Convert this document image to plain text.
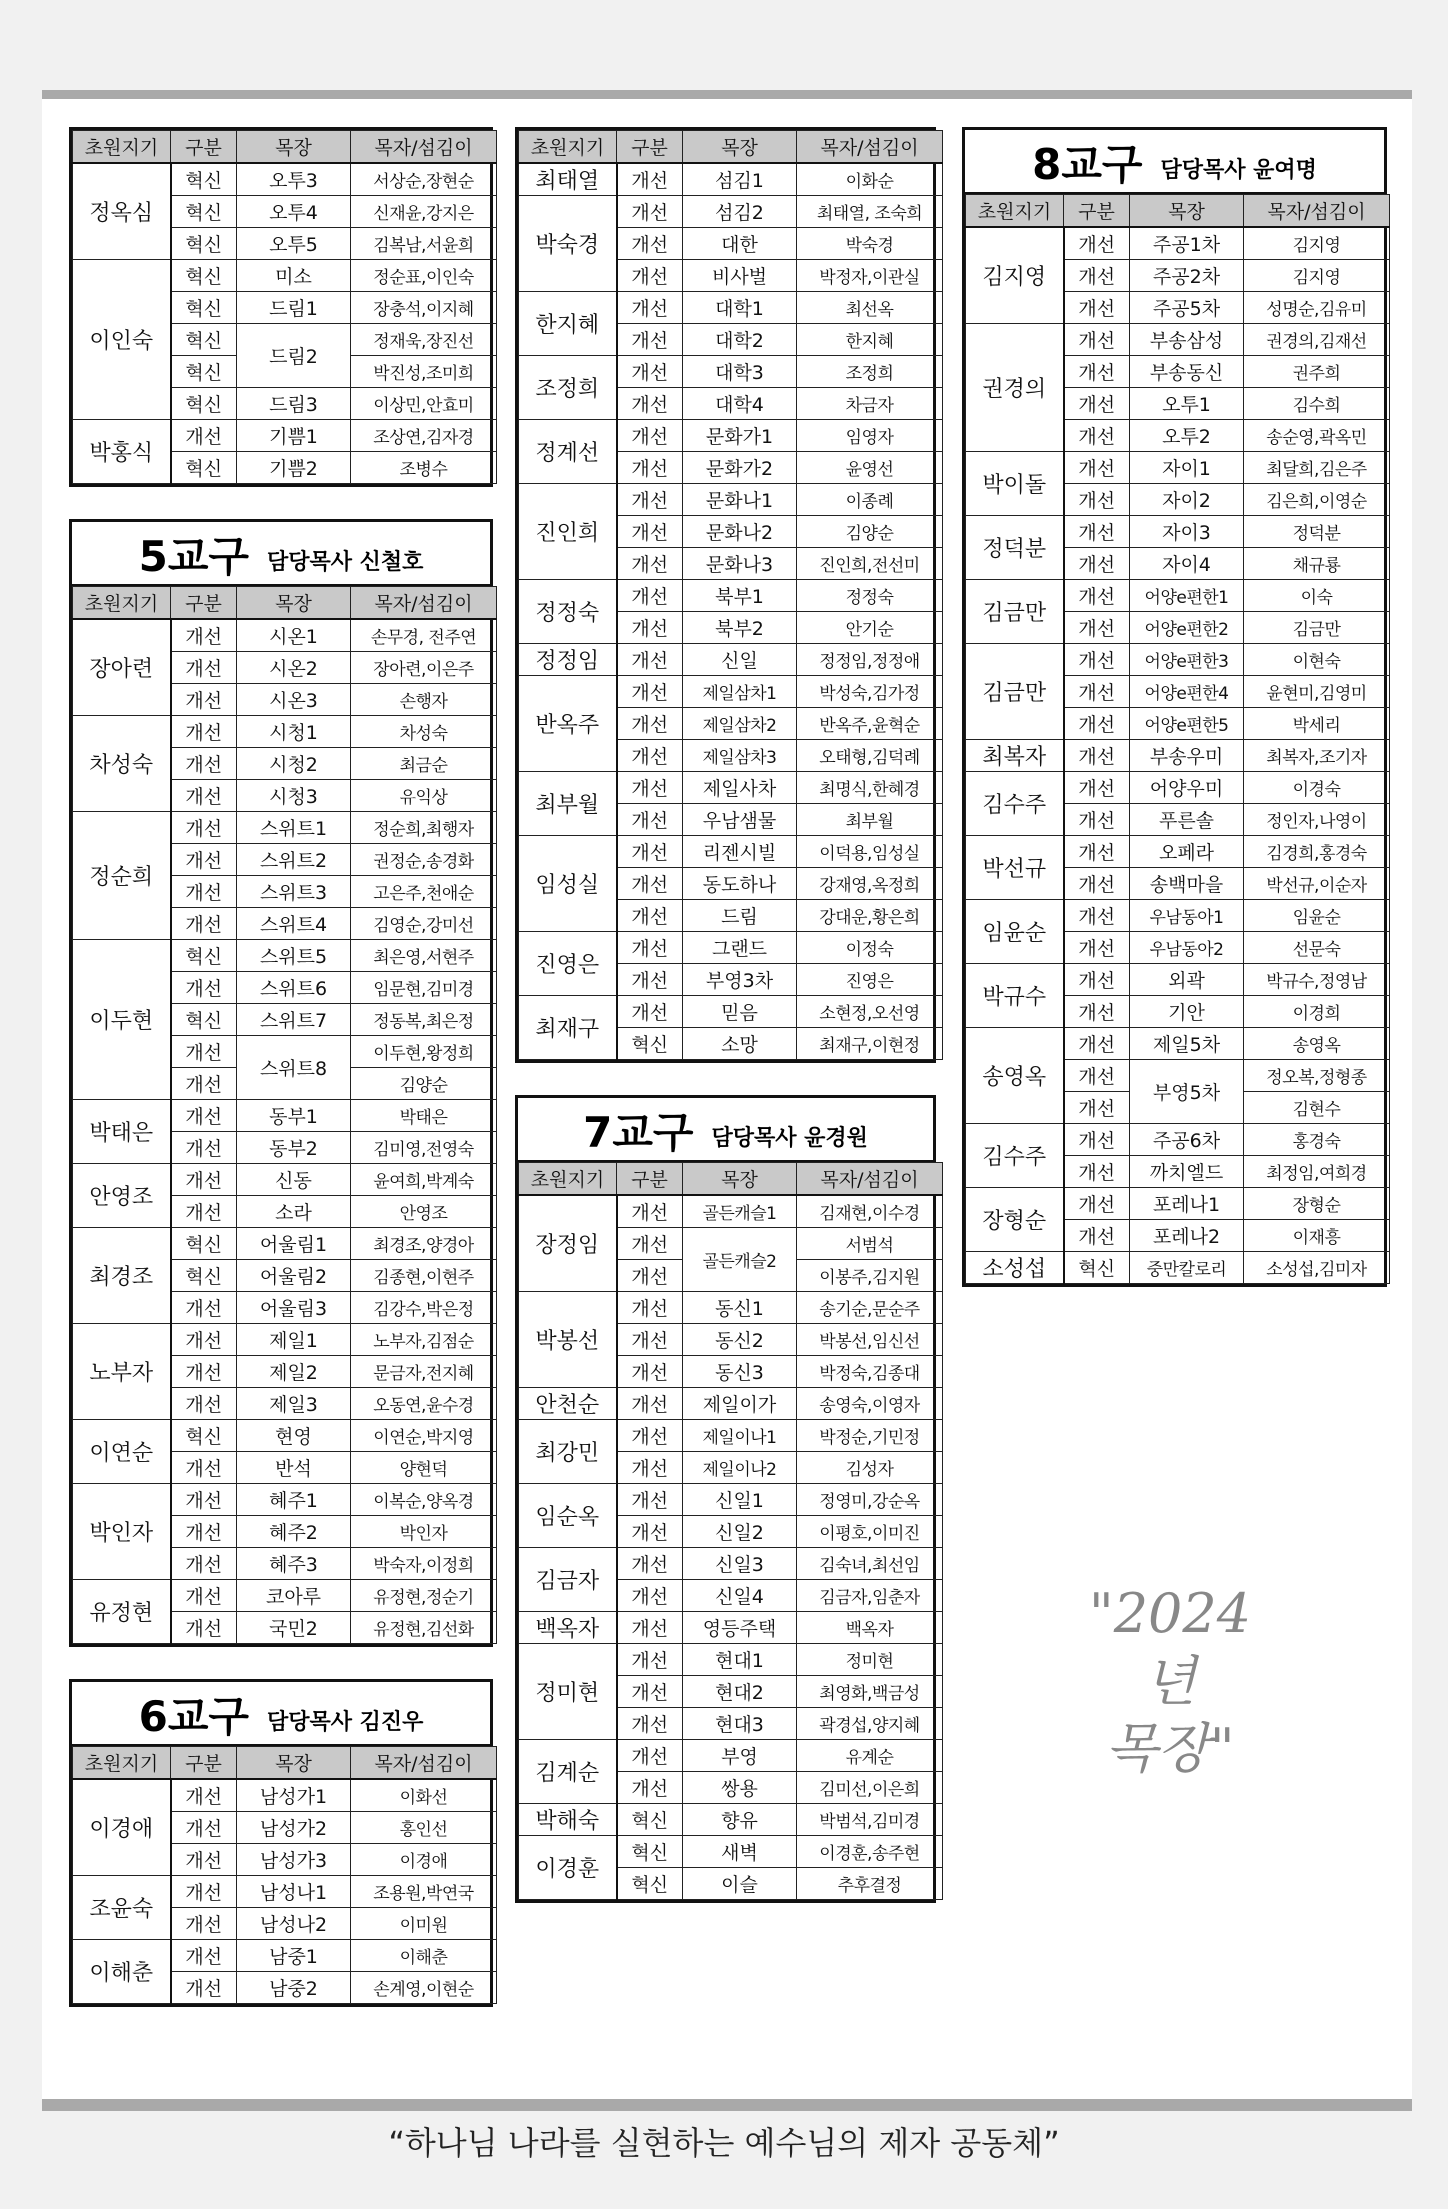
초원지기	구분	목장	목자/섬김이
정옥심	혁신	오투3	서상순,장현순
	혁신	오투4	신재윤,강지은
	혁신	오투5	김복남,서윤희
이인숙	혁신	미소	정순표,이인숙
	혁신	드림1	장충석,이지혜
	혁신	드림2	정재욱,장진선
	혁신		박진성,조미희
	혁신	드림3	이상민,안효미
박홍식	개선	기쁨1	조상연,김자경
	혁신	기쁨2	조병수
5교구 담당목사 신철호
초원지기	구분	목장	목자/섬김이
장아련	개선	시온1	손무경, 전주연
	개선	시온2	장아련,이은주
	개선	시온3	손행자
차성숙	개선	시청1	차성숙
	개선	시청2	최금순
	개선	시청3	유익상
정순희	개선	스위트1	정순희,최행자
	개선	스위트2	권정순,송경화
	개선	스위트3	고은주,천애순
	개선	스위트4	김영순,강미선
이두현	혁신	스위트5	최은영,서현주
	개선	스위트6	임문현,김미경
	혁신	스위트7	정동복,최은정
	개선	스위트8	이두현,왕정희
	개선		김양순
박태은	개선	동부1	박태은
	개선	동부2	김미영,전영숙
안영조	개선	신동	윤여희,박계숙
	개선	소라	안영조
최경조	혁신	어울림1	최경조,양경아
	혁신	어울림2	김종현,이현주
	개선	어울림3	김강수,박은정
노부자	개선	제일1	노부자,김점순
	개선	제일2	문금자,전지혜
	개선	제일3	오동연,윤수경
이연순	혁신	현영	이연순,박지영
	개선	반석	양현덕
박인자	개선	혜주1	이복순,양옥경
	개선	혜주2	박인자
	개선	혜주3	박숙자,이정희
유정현	개선	코아루	유정현,정순기
	개선	국민2	유정현,김선화
6교구 담당목사 김진우
초원지기	구분	목장	목자/섬김이
이경애	개선	남성가1	이화선
	개선	남성가2	홍인선
	개선	남성가3	이경애
조윤숙	개선	남성나1	조용원,박연국
	개선	남성나2	이미원
이해춘	개선	남중1	이해춘
	개선	남중2	손계영,이현순
초원지기	구분	목장	목자/섬김이
최태열	개선	섬김1	이화순
박숙경	개선	섬김2	최태열, 조숙희
	개선	대한	박숙경
	개선	비사벌	박정자,이관실
한지혜	개선	대학1	최선옥
	개선	대학2	한지혜
조정희	개선	대학3	조정희
	개선	대학4	차금자
정계선	개선	문화가1	임영자
	개선	문화가2	윤영선
진인희	개선	문화나1	이종례
	개선	문화나2	김양순
	개선	문화나3	진인희,전선미
정정숙	개선	북부1	정정숙
	개선	북부2	안기순
정정임	개선	신일	정정임,정정애
반옥주	개선	제일삼차1	박성숙,김가정
	개선	제일삼차2	반옥주,윤혁순
	개선	제일삼차3	오태형,김덕례
최부월	개선	제일사차	최명식,한혜경
	개선	우남샘물	최부월
임성실	개선	리젠시빌	이덕용,임성실
	개선	동도하나	강재영,옥정희
	개선	드림	강대운,황은희
진영은	개선	그랜드	이정숙
	개선	부영3차	진영은
최재구	개선	믿음	소현정,오선영
	혁신	소망	최재구,이현정
7교구 담당목사 윤경원
초원지기	구분	목장	목자/섬김이
장정임	개선	골든캐슬1	김재현,이수경
	개선	골든캐슬2	서범석
	개선		이봉주,김지원
박봉선	개선	동신1	송기순,문순주
	개선	동신2	박봉선,임신선
	개선	동신3	박정숙,김종대
안천순	개선	제일이가	송영숙,이영자
최강민	개선	제일이나1	박정순,기민정
	개선	제일이나2	김성자
임순옥	개선	신일1	정영미,강순옥
	개선	신일2	이평호,이미진
김금자	개선	신일3	김숙녀,최선임
	개선	신일4	김금자,임춘자
백옥자	개선	영등주택	백옥자
정미현	개선	현대1	정미현
	개선	현대2	최영화,백금성
	개선	현대3	곽경섭,양지혜
김계순	개선	부영	유계순
	개선	쌍용	김미선,이은희
박해숙	혁신	향유	박범석,김미경
이경훈	혁신	새벽	이경훈,송주현
	혁신	이슬	추후결정
8교구 담당목사 윤여명
초원지기	구분	목장	목자/섬김이
김지영	개선	주공1차	김지영
	개선	주공2차	김지영
	개선	주공5차	성명순,김유미
권경의	개선	부송삼성	권경의,김재선
	개선	부송동신	권주희
	개선	오투1	김수희
	개선	오투2	송순영,곽옥민
박이돌	개선	자이1	최달희,김은주
	개선	자이2	김은희,이영순
정덕분	개선	자이3	정덕분
	개선	자이4	채규룡
김금만	개선	어양e편한1	이숙
	개선	어양e편한2	김금만
김금만	개선	어양e편한3	이현숙
	개선	어양e편한4	윤현미,김영미
	개선	어양e편한5	박세리
최복자	개선	부송우미	최복자,조기자
김수주	개선	어양우미	이경숙
	개선	푸른솔	정인자,나영이
박선규	개선	오페라	김경희,홍경숙
	개선	송백마을	박선규,이순자
임윤순	개선	우남동아1	임윤순
	개선	우남동아2	선문숙
박규수	개선	외곽	박규수,정영남
	개선	기안	이경희
송영옥	개선	제일5차	송영옥
	개선	부영5차	정오복,정형종
	개선		김현수
김수주	개선	주공6차	홍경숙
	개선	까치엘드	최정임,여희경
장형순	개선	포레나1	장형순
	개선	포레나2	이재흥
소성섭	혁신	중만칼로리	소성섭,김미자
"2024년
목장"
“하나님 나라를 실현하는 예수님의 제자 공동체”
